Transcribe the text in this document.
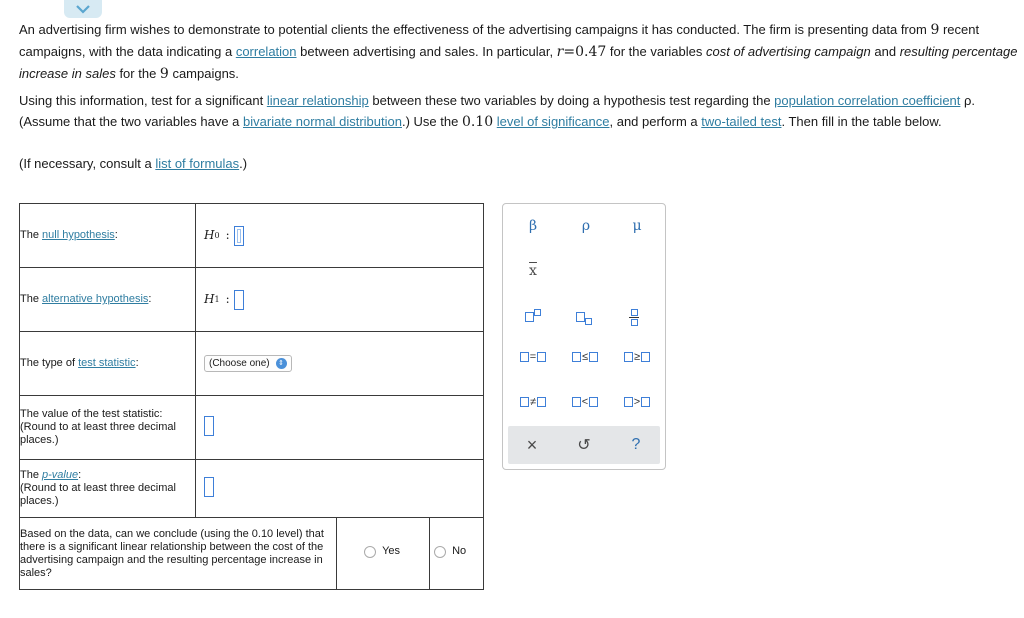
An advertising firm wishes to demonstrate to potential clients the effectiveness of the advertising campaigns it has conducted. The firm is presenting data from 9 recent campaigns, with the data indicating a correlation between advertising and sales. In particular, r=0.47 for the variables cost of advertising campaign and resulting percentage increase in sales for the 9 campaigns.
Using this information, test for a significant linear relationship between these two variables by doing a hypothesis test regarding the population correlation coefficient ρ. (Assume that the two variables have a bivariate normal distribution.) Use the 0.10 level of significance, and perform a two-tailed test. Then fill in the table below.
(If necessary, consult a list of formulas.)
The null hypothesis:	H 0 :		

The alternative hypothesis:	H 1 :		

The type of test statistic:	(Choose one) ⇕		

The value of the test statistic:
(Round to at least three decimal places.)			

The p-value:
(Round to at least three decimal places.)			

Based on the data, can we conclude (using the 0.10 level) that there is a significant linear relationship between the cost of the advertising campaign and the resulting percentage increase in sales?		Yes	No
β	ρ	μ
$\overline{x}$
=	≤	≥
≠	<	>
×	↺	?
